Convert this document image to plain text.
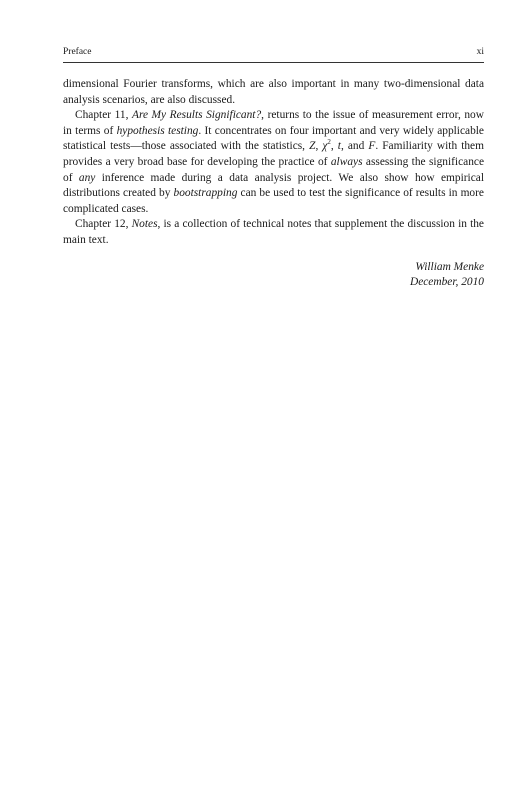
Preface	xi

dimensional Fourier transforms, which are also important in many two-dimensional data analysis scenarios, are also discussed.

Chapter 11, Are My Results Significant?, returns to the issue of measurement error, now in terms of hypothesis testing. It concentrates on four important and very widely applicable statistical tests—those associated with the statistics, Z, $\chi^2$, t, and F. Familiarity with them provides a very broad base for developing the practice of always assessing the significance of any inference made during a data analysis project. We also show how empirical distributions created by bootstrapping can be used to test the significance of results in more complicated cases.

Chapter 12, Notes, is a collection of technical notes that supplement the discussion in the main text.

William Menke
December, 2010
